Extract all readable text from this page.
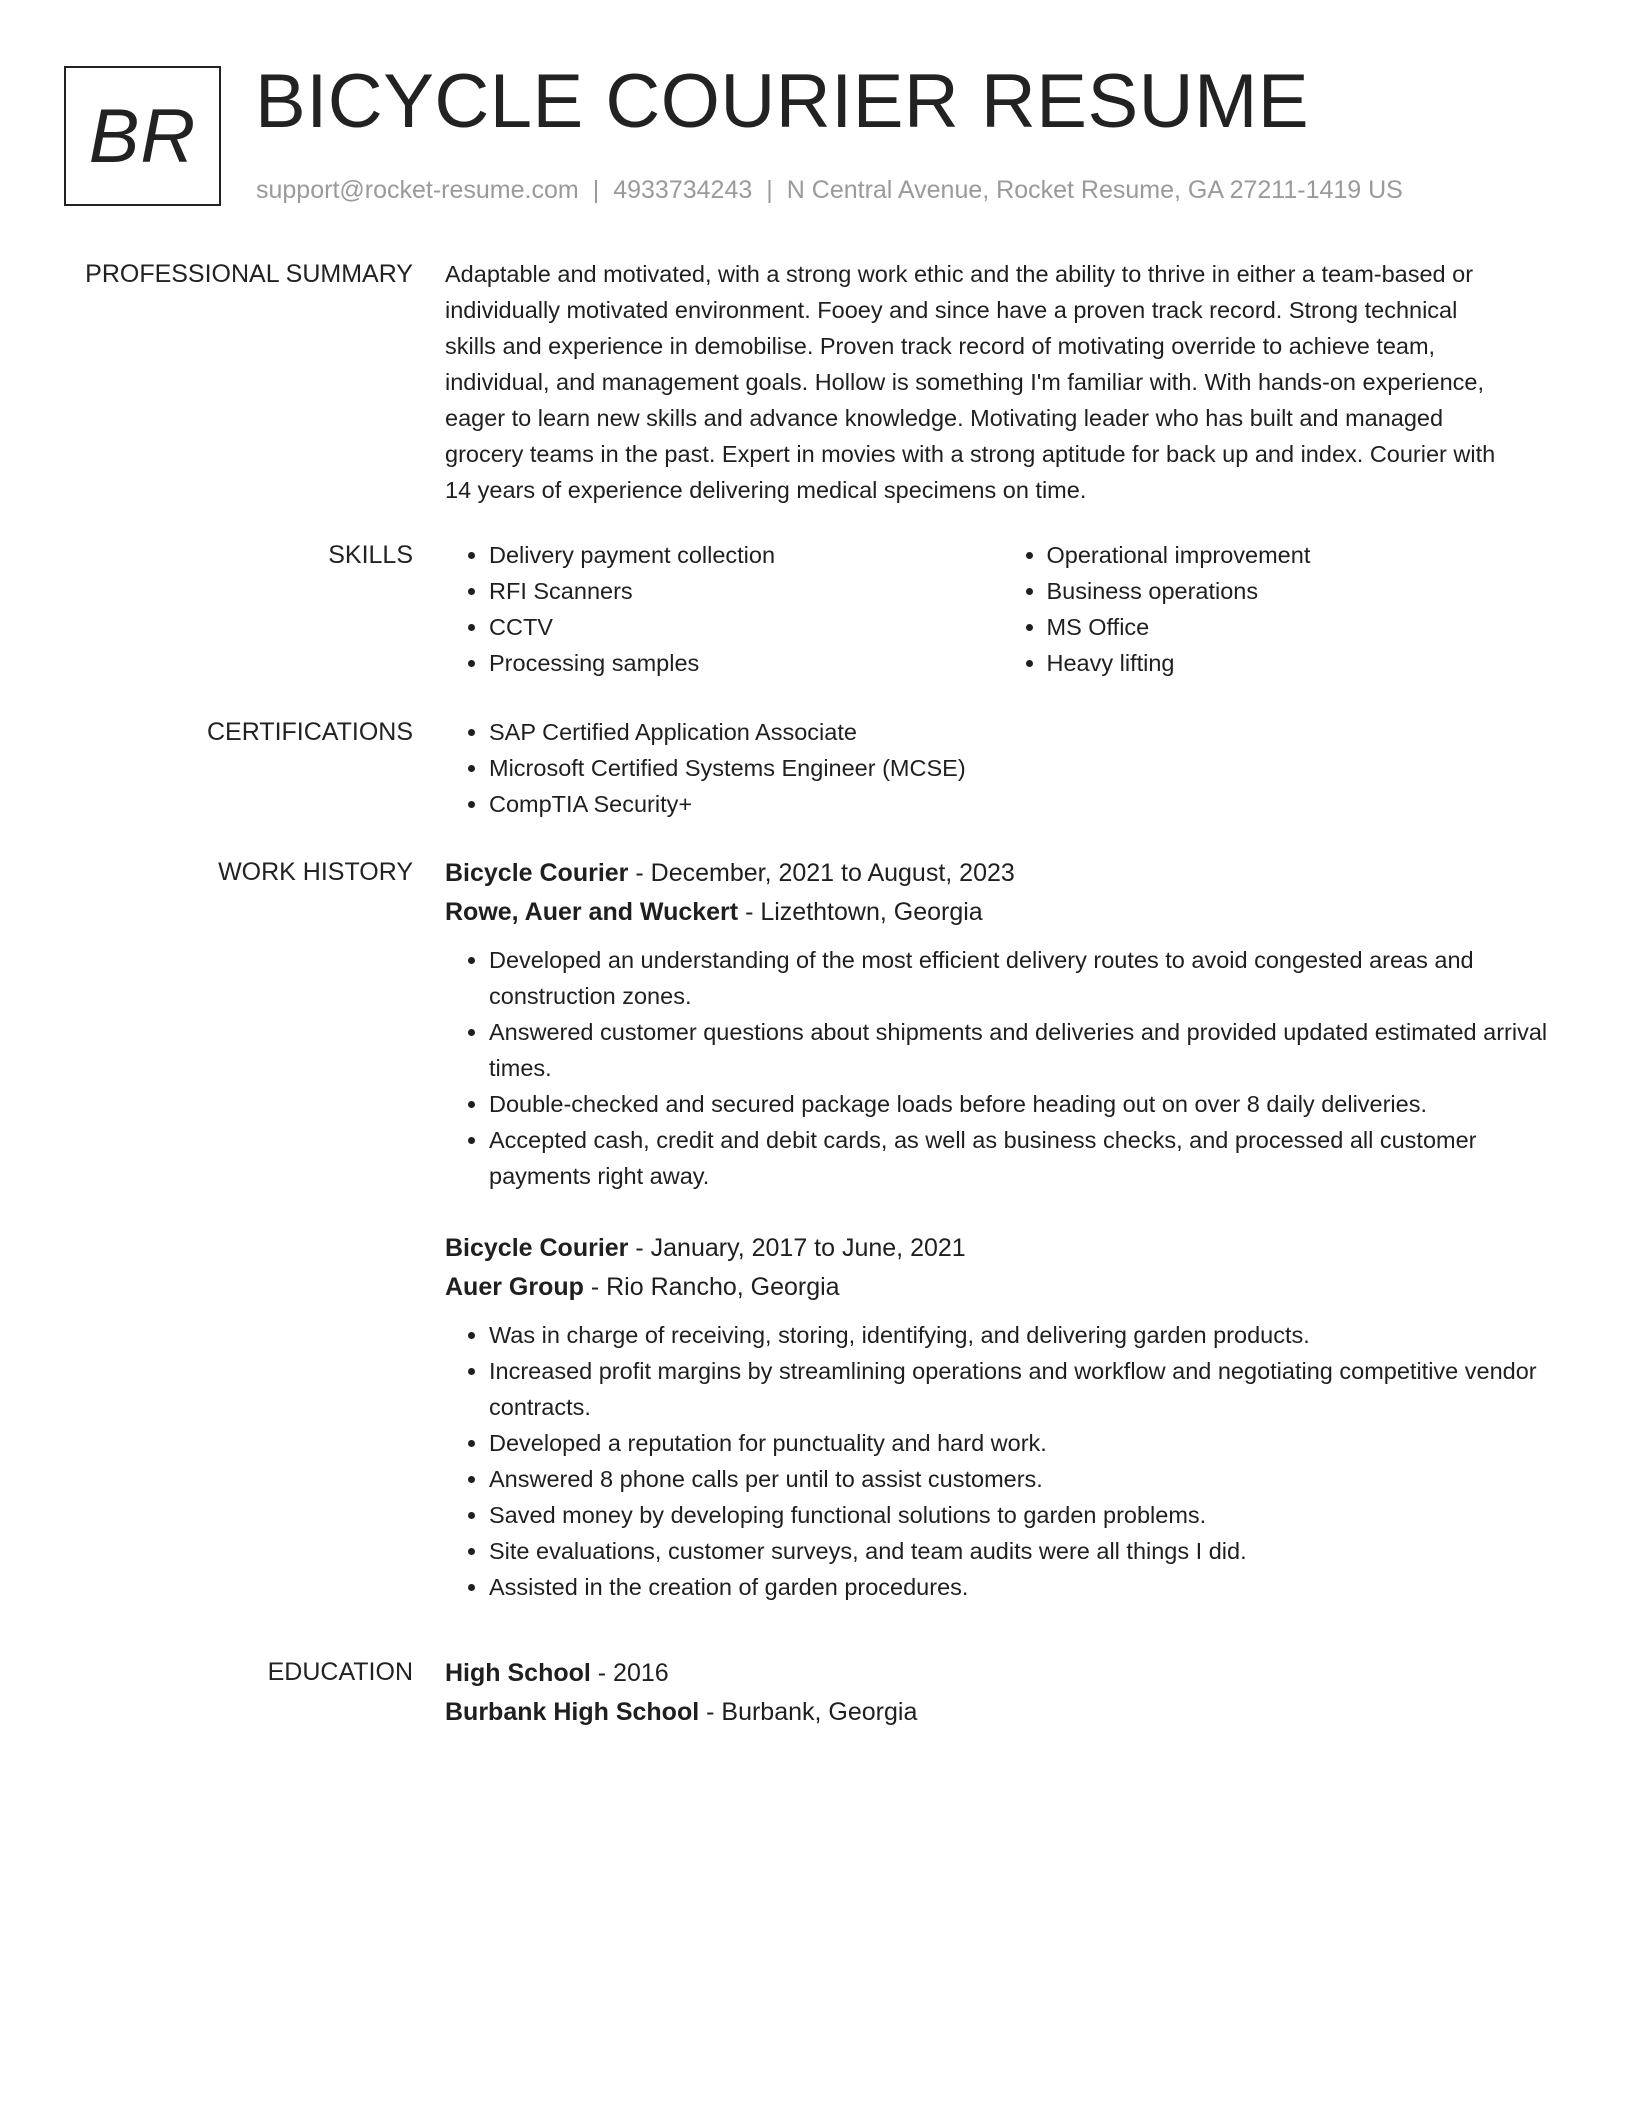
BR BICYCLE COURIER RESUME
support@rocket-resume.com | 4933734243 | N Central Avenue, Rocket Resume, GA 27211-1419 US
PROFESSIONAL SUMMARY Adaptable and motivated, with a strong work ethic and the ability to thrive in either a team-based or
individually motivated environment. Fooey and since have a proven track record. Strong technical
skills and experience in demobilise. Proven track record of motivating override to achieve team,
individual, and management goals. Hollow is something I'm familiar with. With hands-on experience,
eager to learn new skills and advance knowledge. Motivating leader who has built and managed
grocery teams in the past. Expert in movies with a strong aptitude for back up and index. Courier with
14 years of experience delivering medical specimens on time.
SKILLS	• Delivery payment collection
• RFI Scanners
• CCTV
• Processing samples
• Operational improvement
• Business operations
• MS Office
• Heavy lifting
CERTIFICATIONS	• SAP Certified Application Associate
• Microsoft Certified Systems Engineer (MCSE)
• CompTIA Security+
WORK HISTORY Bicycle Courier - December, 2021 to August, 2023
Rowe, Auer and Wuckert - Lizethtown, Georgia
• Developed an understanding of the most efficient delivery routes to avoid congested areas and construction zones.
• Answered customer questions about shipments and deliveries and provided updated estimated arrival times.
• Double-checked and secured package loads before heading out on over 8 daily deliveries.
• Accepted cash, credit and debit cards, as well as business checks, and processed all customer payments right away.
Bicycle Courier - January, 2017 to June, 2021
Auer Group - Rio Rancho, Georgia
• Was in charge of receiving, storing, identifying, and delivering garden products.
• Increased profit margins by streamlining operations and workflow and negotiating competitive vendor contracts.
• Developed a reputation for punctuality and hard work.
• Answered 8 phone calls per until to assist customers.
• Saved money by developing functional solutions to garden problems.
• Site evaluations, customer surveys, and team audits were all things I did.
• Assisted in the creation of garden procedures.
EDUCATION High School - 2016
Burbank High School - Burbank, Georgia
